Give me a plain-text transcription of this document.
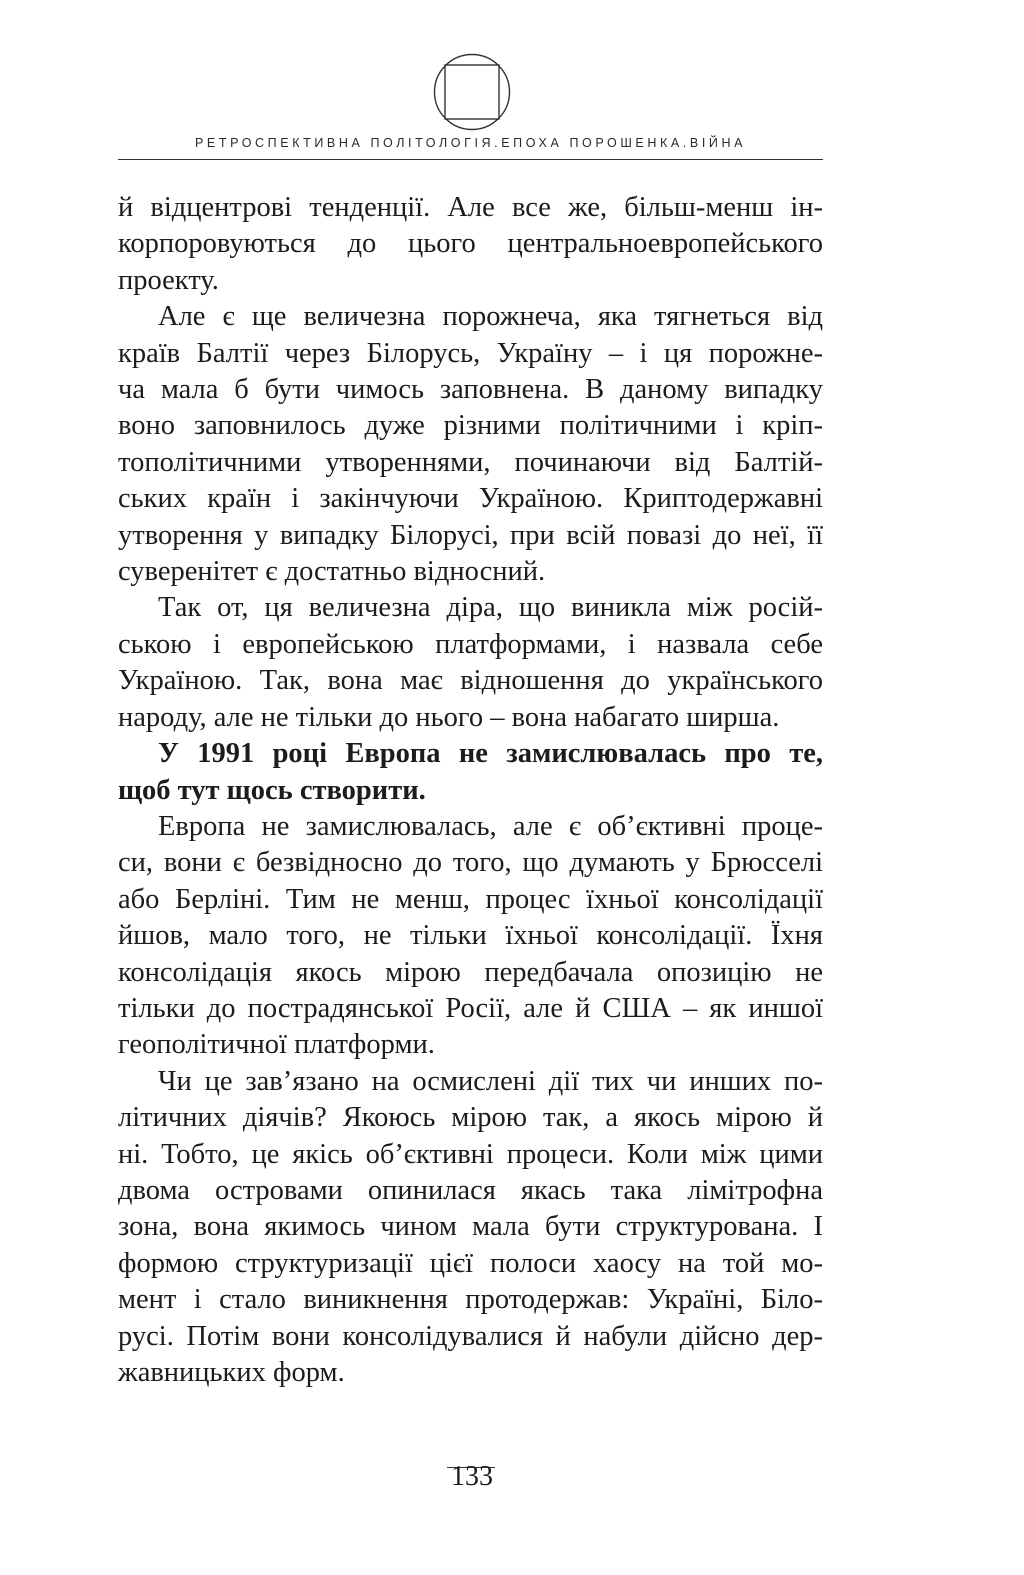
РЕТРОСПЕКТИВНА ПОЛІТОЛОГІЯ.ЕПОХА ПОРОШЕНКА.ВІЙНА
й відцентрові тенденції. Але все же, більш-менш ін-
корпоровуються до цього центральноевропейського
проекту.
Але є ще величезна порожнеча, яка тягнеться від
країв Балтії через Білорусь, Україну – і ця порожне-
ча мала б бути чимось заповнена. В даному випадку
воно заповнилось дуже різними політичними і кріп-
тополітичними утвореннями, починаючи від Балтій-
ських країн і закінчуючи Україною. Криптодержавні
утворення у випадку Білорусі, при всій повазі до неї, її
суверенітет є достатньо відносний.
Так от, ця величезна діра, що виникла між росій-
ською і европейською платформами, і назвала себе
Україною. Так, вона має відношення до українського
народу, але не тільки до нього – вона набагато ширша.
У 1991 році Европа не замислювалась про те,
щоб тут щось створити.
Европа не замислювалась, але є об’єктивні проце-
си, вони є безвідносно до того, що думають у Брюсселі
або Берліні. Тим не менш, процес їхньої консолідації
йшов, мало того, не тільки їхньої консолідації. Їхня
консолідація якось мірою передбачала опозицію не
тільки до пострадянської Росії, але й США – як иншої
геополітичної платформи.
Чи це зав’язано на осмислені дії тих чи инших по-
літичних діячів? Якоюсь мірою так, а якось мірою й
ні. Тобто, це якісь об’єктивні процеси. Коли між цими
двома островами опинилася якась така лімітрофна
зона, вона якимось чином мала бути структурована. І
формою структуризації цієї полоси хаосу на той мо-
мент і стало виникнення протодержав: Україні, Біло-
русі. Потім вони консолідувалися й набули дійсно дер-
жавницьких форм.
133
